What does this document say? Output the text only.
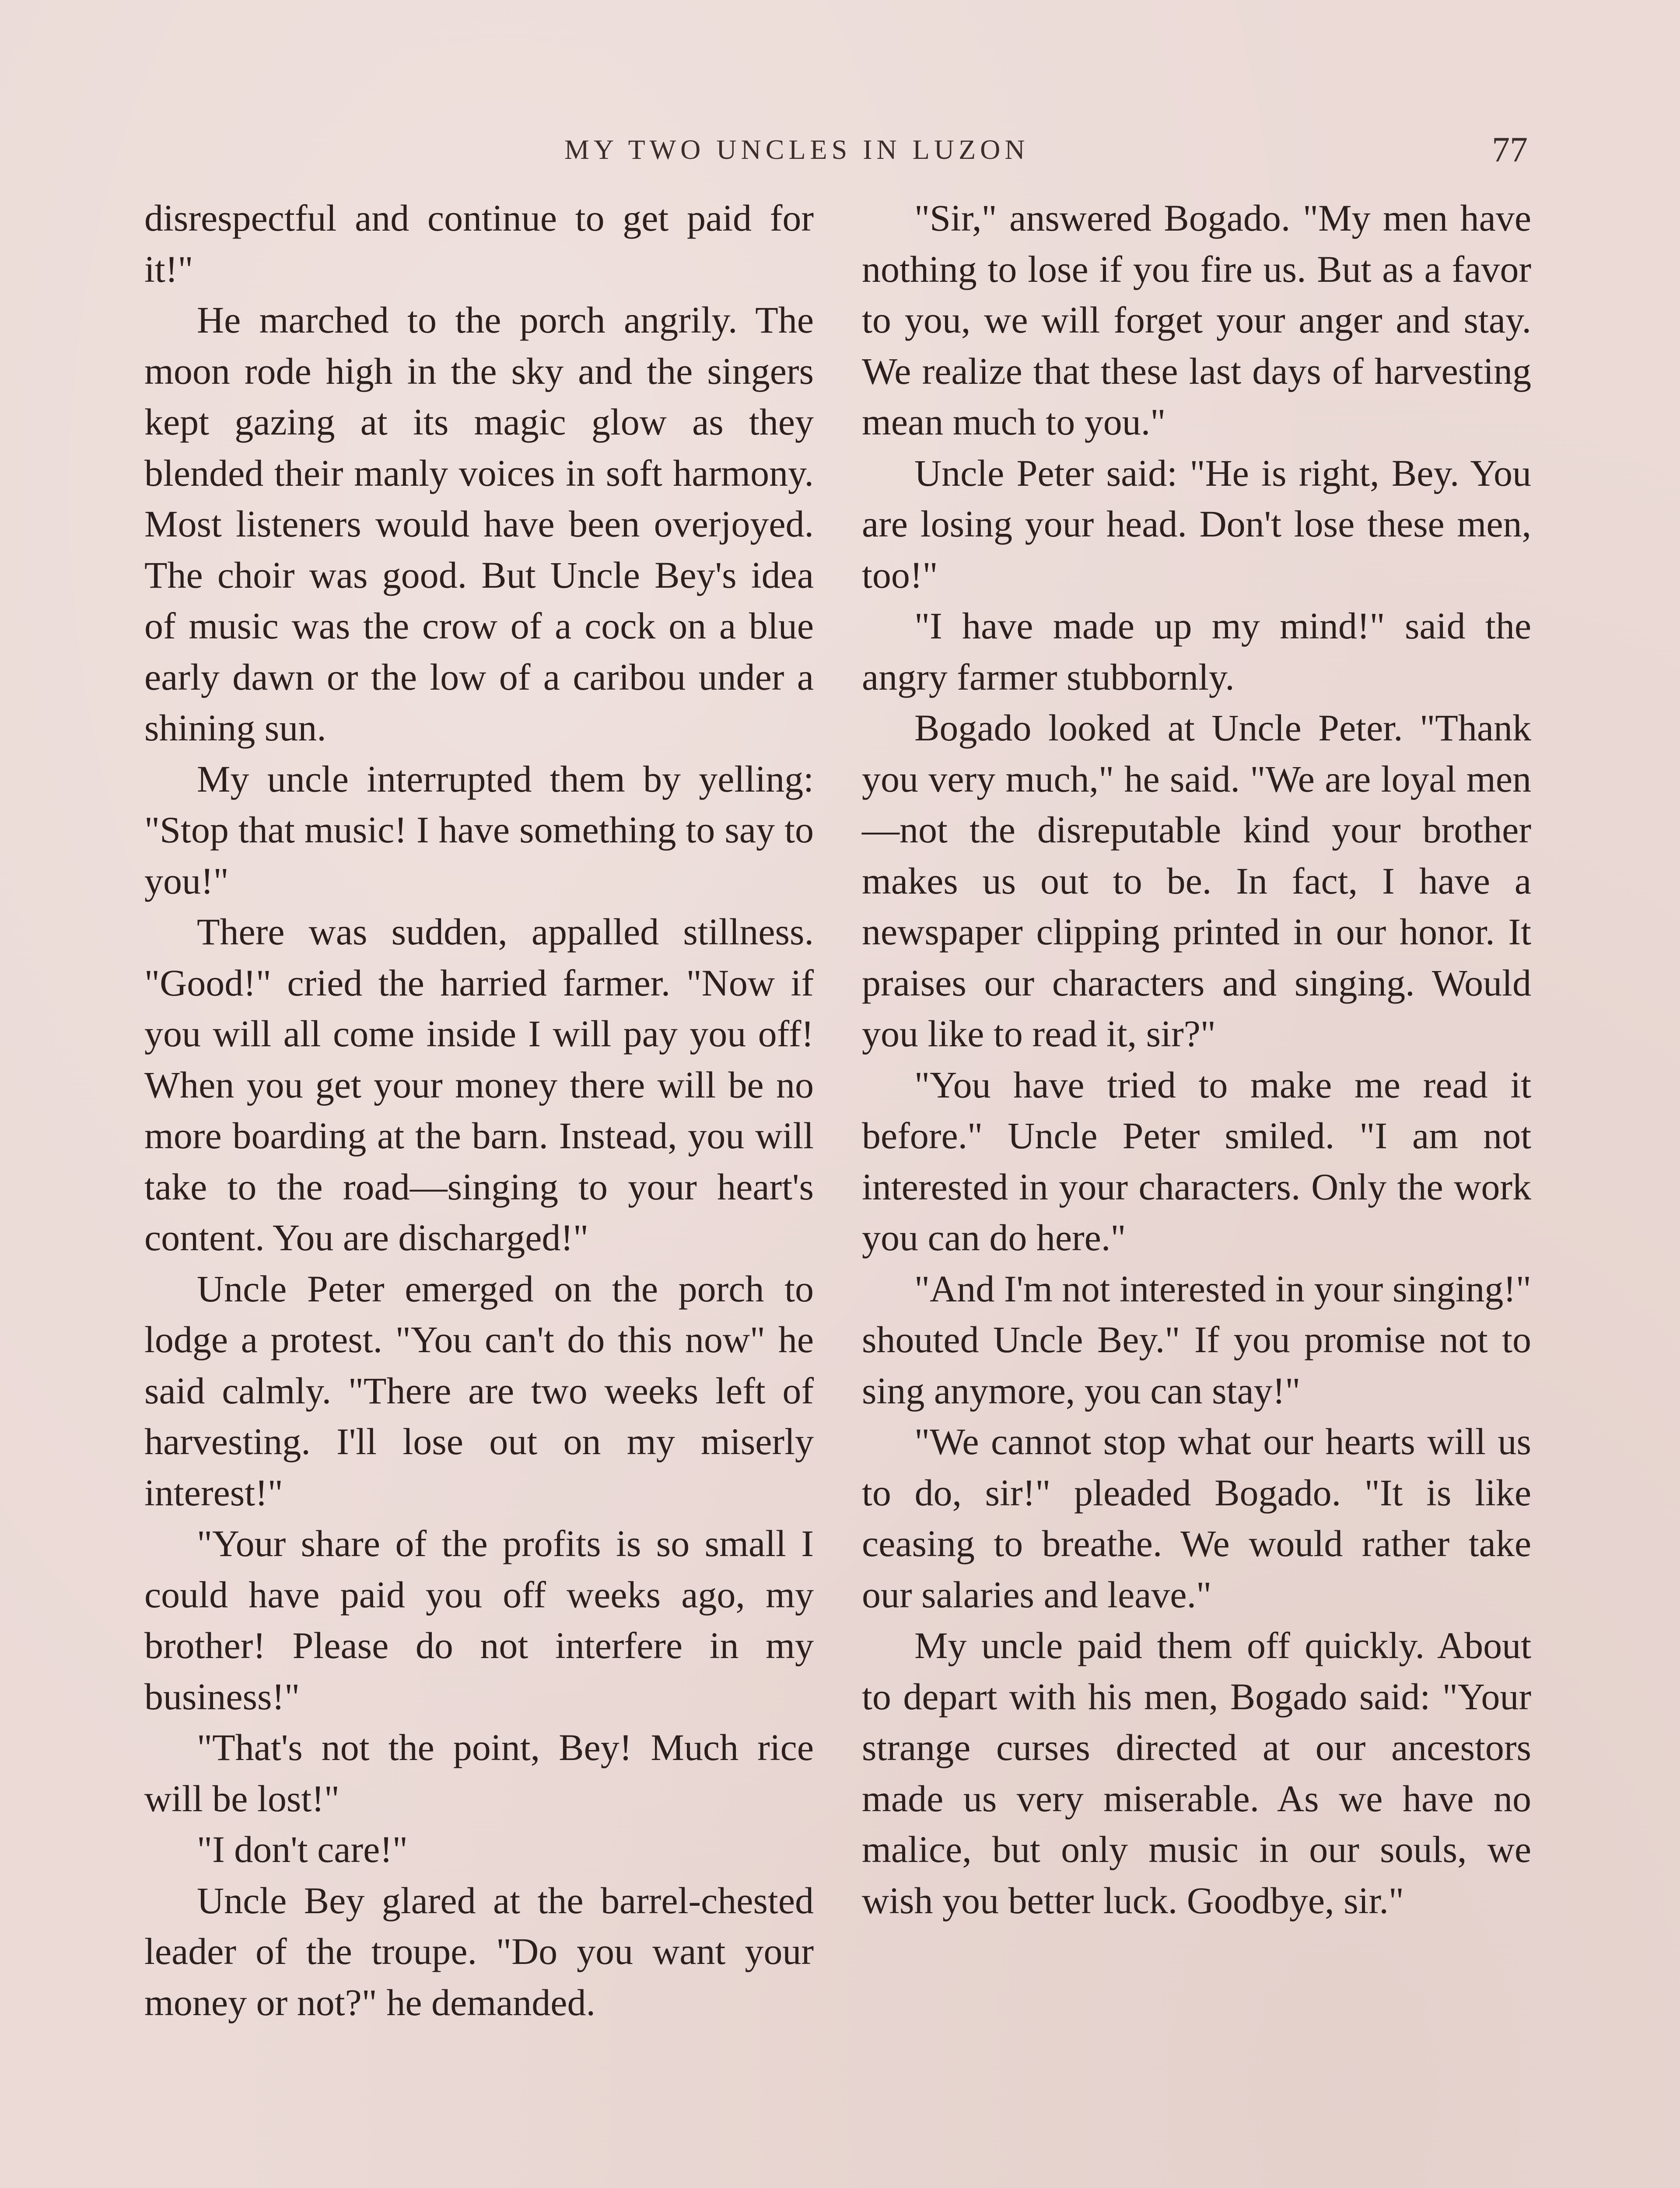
MY TWO UNCLES IN LUZON	77

disrespectful and continue to get paid for it!"

He marched to the porch angrily. The moon rode high in the sky and the singers kept gazing at its magic glow as they blended their manly voices in soft harmony. Most listeners would have been overjoyed. The choir was good. But Uncle Bey's idea of music was the crow of a cock on a blue early dawn or the low of a caribou under a shining sun.

My uncle interrupted them by yelling: "Stop that music! I have something to say to you!"

There was sudden, appalled stillness. "Good!" cried the harried farmer. "Now if you will all come inside I will pay you off! When you get your money there will be no more boarding at the barn. Instead, you will take to the road—singing to your heart's content. You are discharged!"

Uncle Peter emerged on the porch to lodge a protest. "You can't do this now" he said calmly. "There are two weeks left of harvesting. I'll lose out on my miserly interest!"

"Your share of the profits is so small I could have paid you off weeks ago, my brother! Please do not interfere in my business!"

"That's not the point, Bey! Much rice will be lost!"

"I don't care!"

Uncle Bey glared at the barrel-chested leader of the troupe. "Do you want your money or not?" he demanded.

"Sir," answered Bogado. "My men have nothing to lose if you fire us. But as a favor to you, we will forget your anger and stay. We realize that these last days of harvesting mean much to you."

Uncle Peter said: "He is right, Bey. You are losing your head. Don't lose these men, too!"

"I have made up my mind!" said the angry farmer stubbornly.

Bogado looked at Uncle Peter. "Thank you very much," he said. "We are loyal men—not the disreputable kind your brother makes us out to be. In fact, I have a newspaper clipping printed in our honor. It praises our characters and singing. Would you like to read it, sir?"

"You have tried to make me read it before." Uncle Peter smiled. "I am not interested in your characters. Only the work you can do here."

"And I'm not interested in your singing!" shouted Uncle Bey." If you promise not to sing anymore, you can stay!"

"We cannot stop what our hearts will us to do, sir!" pleaded Bogado. "It is like ceasing to breathe. We would rather take our salaries and leave."

My uncle paid them off quickly. About to depart with his men, Bogado said: "Your strange curses directed at our ancestors made us very miserable. As we have no malice, but only music in our souls, we wish you better luck. Goodbye, sir."
